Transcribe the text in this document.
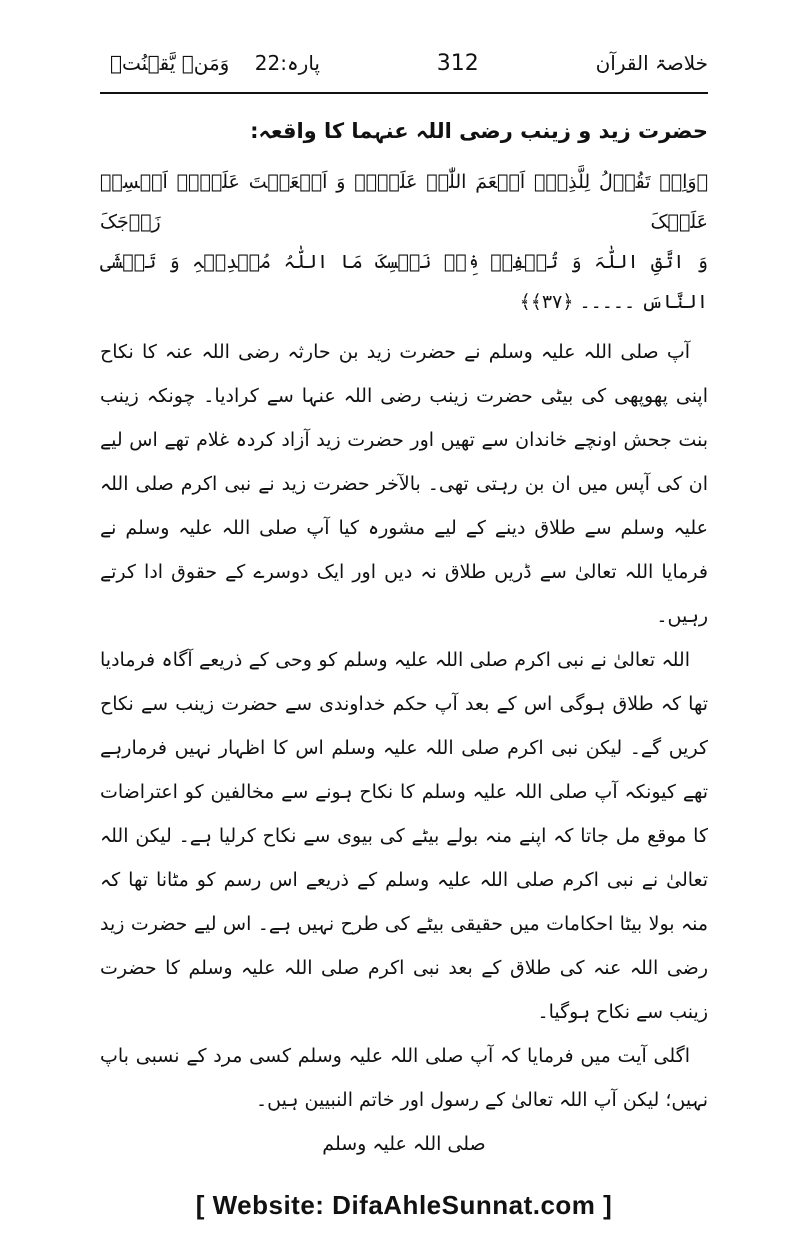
پارہ:22    وَمَنۡ یَّقۡنُتۡ	312	خلاصۃ القرآن
حضرت زید و زینب رضی اللہ عنہما کا واقعہ:

﴿وَاِذۡ تَقُوۡلُ لِلَّذِیۡۤ اَنۡعَمَ اللّٰہُ عَلَیۡہِ وَ اَنۡعَمۡتَ عَلَیۡہِ اَمۡسِکۡ عَلَیۡکَ زَوۡجَکَ

وَ اتَّقِ اللّٰہَ وَ تُخۡفِیۡ فِیۡ نَفۡسِکَ مَا اللّٰہُ مُبۡدِیۡہِ وَ تَخۡشَی النَّاسَ ۔۔۔۔۔ ﴿۳۷﴾﴾

آپ صلی اللہ علیہ وسلم نے حضرت زید بن حارثہ رضی اللہ عنہ کا نکاح اپنی پھوپھی کی بیٹی حضرت زینب رضی اللہ عنہا سے کرادیا۔ چونکہ زینب بنت جحش اونچے خاندان سے تھیں اور حضرت زید آزاد کردہ غلام تھے اس لیے ان کی آپس میں ان بن رہتی تھی۔ بالآخر حضرت زید نے نبی اکرم صلی اللہ علیہ وسلم سے طلاق دینے کے لیے مشورہ کیا آپ صلی اللہ علیہ وسلم نے فرمایا اللہ تعالیٰ سے ڈریں طلاق نہ دیں اور ایک دوسرے کے حقوق ادا کرتے رہیں۔

اللہ تعالیٰ نے نبی اکرم صلی اللہ علیہ وسلم کو وحی کے ذریعے آگاہ فرمادیا تھا کہ طلاق ہوگی اس کے بعد آپ حکم خداوندی سے حضرت زینب سے نکاح کریں گے۔ لیکن نبی اکرم صلی اللہ علیہ وسلم اس کا اظہار نہیں فرمارہے تھے کیونکہ آپ صلی اللہ علیہ وسلم کا نکاح ہونے سے مخالفین کو اعتراضات کا موقع مل جاتا کہ اپنے منہ بولے بیٹے کی بیوی سے نکاح کرلیا ہے۔ لیکن اللہ تعالیٰ نے نبی اکرم صلی اللہ علیہ وسلم کے ذریعے اس رسم کو مٹانا تھا کہ منہ بولا بیٹا احکامات میں حقیقی بیٹے کی طرح نہیں ہے۔ اس لیے حضرت زید رضی اللہ عنہ کی طلاق کے بعد نبی اکرم صلی اللہ علیہ وسلم کا حضرت زینب سے نکاح ہوگیا۔

اگلی آیت میں فرمایا کہ آپ صلی اللہ علیہ وسلم کسی مرد کے نسبی باپ نہیں؛ لیکن آپ اللہ تعالیٰ کے رسول اور خاتم النبیین ہیں۔

صلی اللہ علیہ وسلم

[ Website: DifaAhleSunnat.com ]
